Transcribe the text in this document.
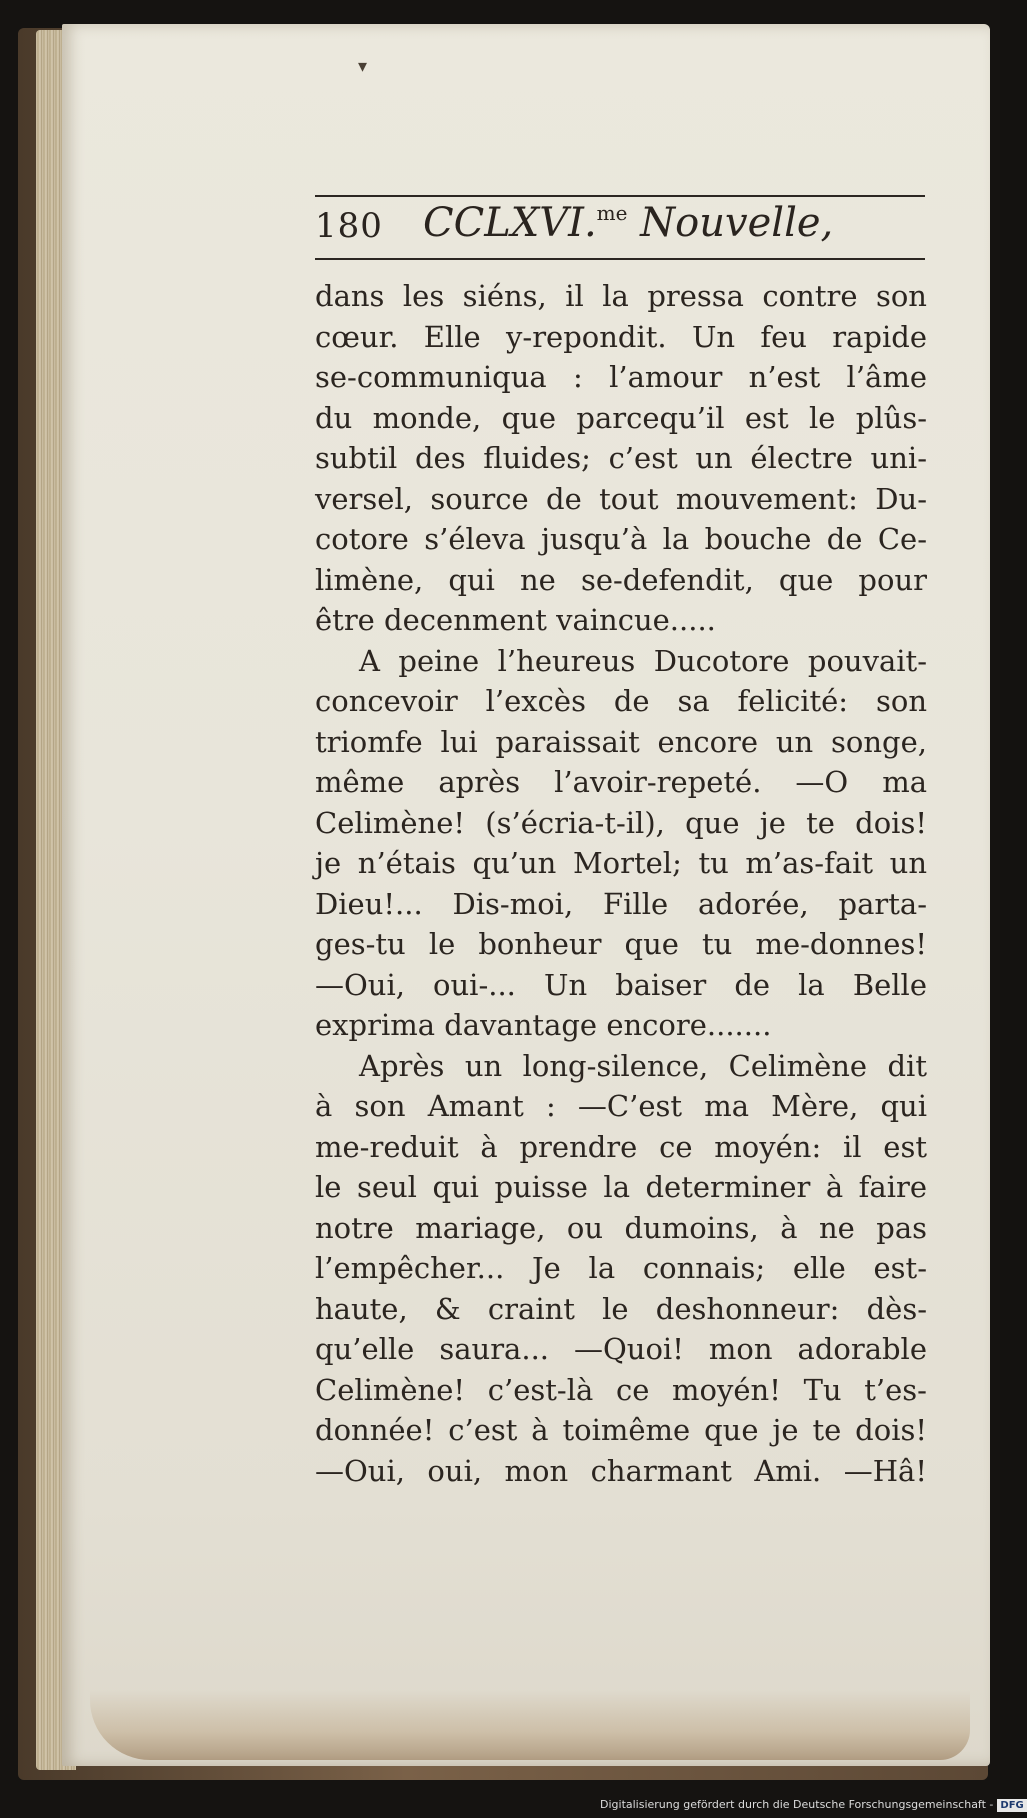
▾
180 CCLXVI.$^{me}$ Nouvelle,
dans les siéns, il la pressa contre son
cœur. Elle y-repondit. Un feu rapide
se-communiqua : l’amour n’est l’âme
du monde, que parcequ’il est le plûs-
subtil des fluides; c’est un électre uni-
versel, source de tout mouvement: Du-
cotore s’éleva jusqu’à la bouche de Ce-
limène, qui ne se-defendit, que pour
être decenment vaincue.....
A peine l’heureus Ducotore pouvait-
concevoir l’excès de sa felicité: son
triomfe lui paraissait encore un songe,
même après l’avoir-repeté. —O ma
Celimène! (s’écria-t-il), que je te dois!
je n’étais qu’un Mortel; tu m’as-fait un
Dieu!... Dis-moi, Fille adorée, parta-
ges-tu le bonheur que tu me-donnes!
—Oui, oui-... Un baiser de la Belle
exprima davantage encore.......
Après un long-silence, Celimène dit
à son Amant : —C’est ma Mère, qui
me-reduit à prendre ce moyén: il est
le seul qui puisse la determiner à faire
notre mariage, ou dumoins, à ne pas
l’empêcher... Je la connais; elle est-
haute, & craint le deshonneur: dès-
qu’elle saura... —Quoi! mon adorable
Celimène! c’est-là ce moyén! Tu t’es-
donnée! c’est à toimême que je te dois!
—Oui, oui, mon charmant Ami. —Hâ!
Digitalisierung gefördert durch die Deutsche Forschungsgemeinschaft - DFG
